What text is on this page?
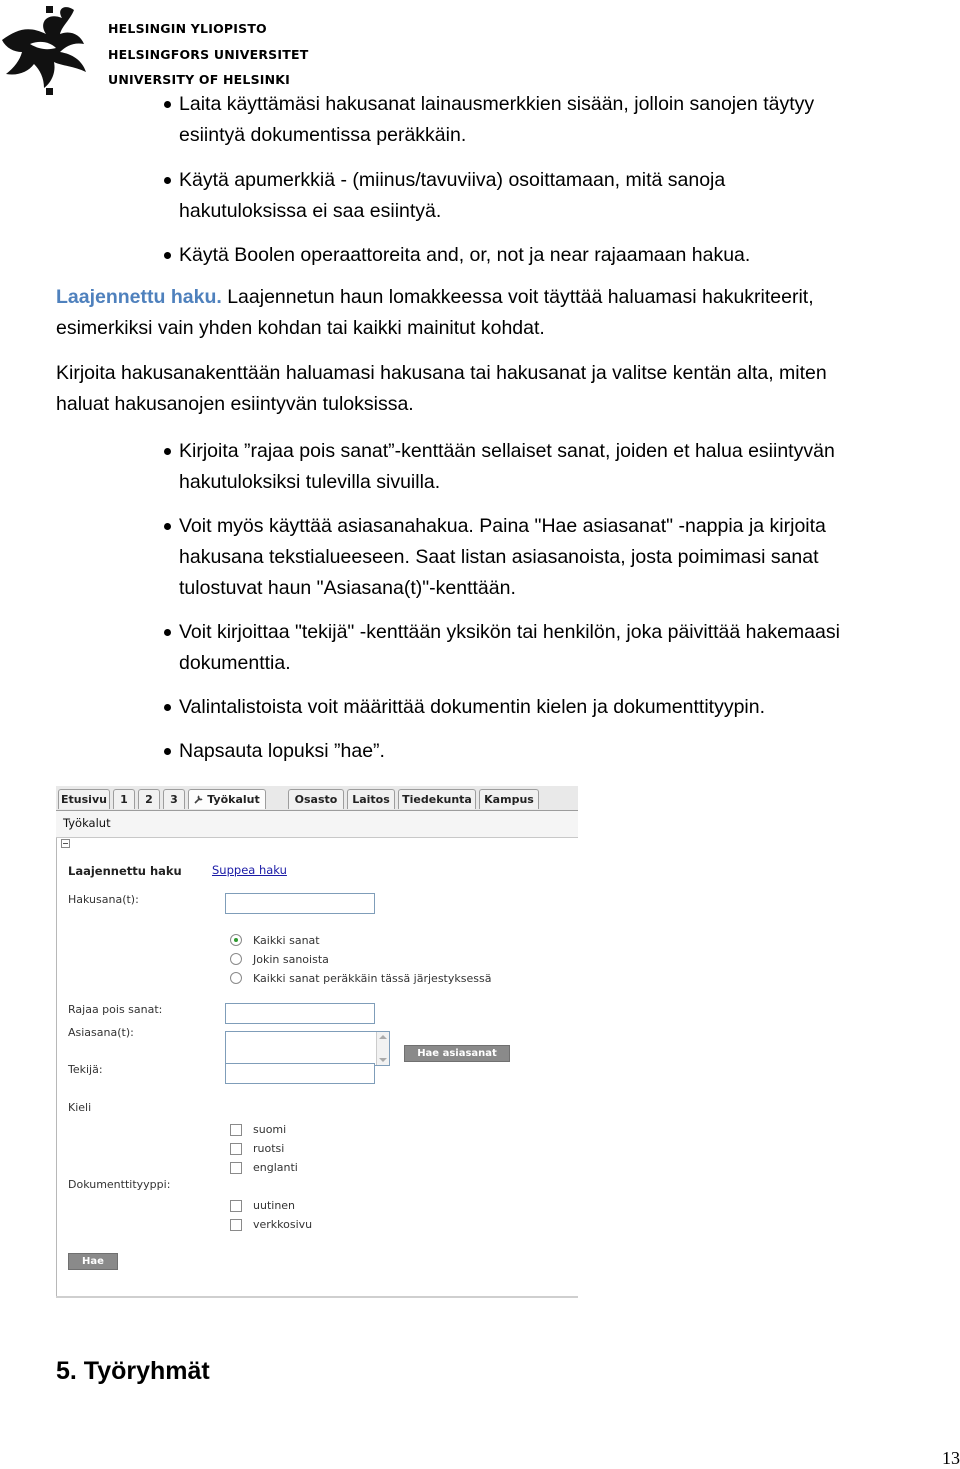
HELSINGIN YLIOPISTO
HELSINGFORS UNIVERSITET
UNIVERSITY OF HELSINKI
Laita käyttämäsi hakusanat lainausmerkkien sisään, jolloin sanojen täytyy
esiintyä dokumentissa peräkkäin.
Käytä apumerkkiä - (miinus/tavuviiva) osoittamaan, mitä sanoja
hakutuloksissa ei saa esiintyä.
Käytä Boolen operaattoreita and, or, not ja near rajaamaan hakua.
Laajennettu haku. Laajennetun haun lomakkeessa voit täyttää haluamasi hakukriteerit,
esimerkiksi vain yhden kohdan tai kaikki mainitut kohdat.
Kirjoita hakusanakenttään haluamasi hakusana tai hakusanat ja valitse kentän alta, miten
haluat hakusanojen esiintyvän tuloksissa.
Kirjoita ”rajaa pois sanat”-kenttään sellaiset sanat, joiden et halua esiintyvän
hakutuloksiksi tulevilla sivuilla.
Voit myös käyttää asiasanahakua. Paina "Hae asiasanat" -nappia ja kirjoita
hakusana tekstialueeseen. Saat listan asiasanoista, josta poimimasi sanat
tulostuvat haun "Asiasana(t)"-kenttään.
Voit kirjoittaa "tekijä" -kenttään yksikön tai henkilön, joka päivittää hakemaasi
dokumenttia.
Valintalistoista voit määrittää dokumentin kielen ja dokumenttityypin.
Napsauta lopuksi ”hae”.
Etusivu	1	2	3	Työkalut	Osasto	Laitos	Tiedekunta	Kampus
Työkalut
Laajennettu haku	Suppea haku
Hakusana(t):
Kaikki sanat
Jokin sanoista
Kaikki sanat peräkkäin tässä järjestyksessä
Rajaa pois sanat:
Asiasana(t):
Hae asiasanat
Tekijä:
Kieli
suomi
ruotsi
englanti
Dokumenttityyppi:
uutinen
verkkosivu
Hae
5. Työryhmät
13
